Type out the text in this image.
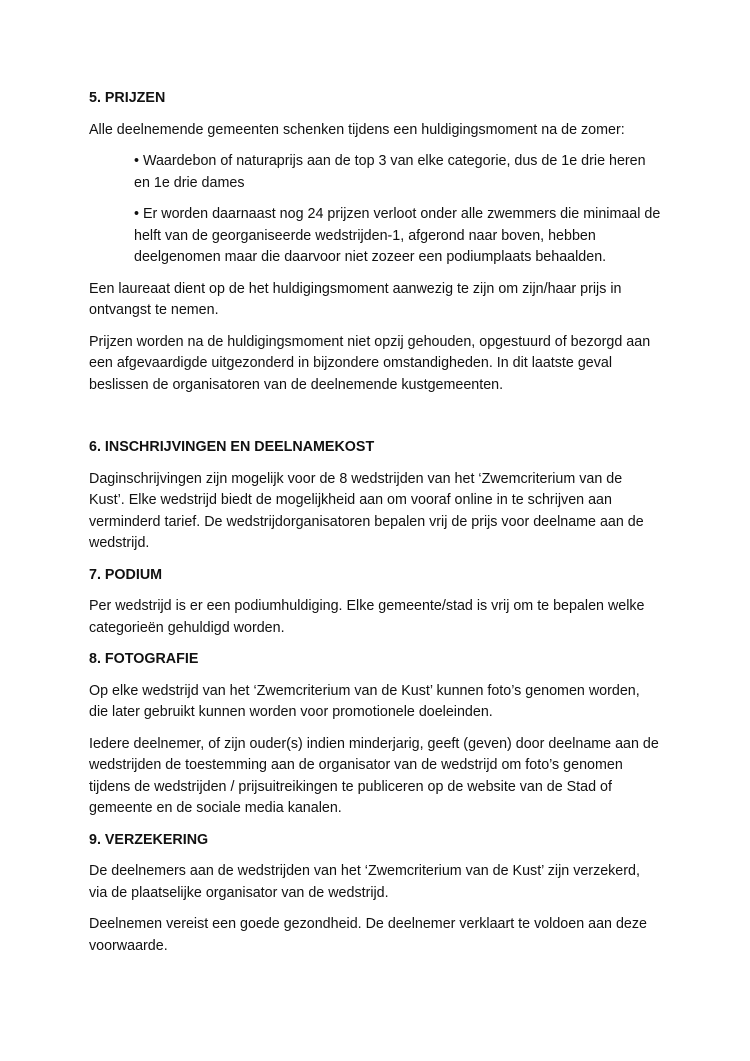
5. PRIJZEN

Alle deelnemende gemeenten schenken tijdens een huldigingsmoment na de zomer:

• Waardebon of naturaprijs aan de top 3 van elke categorie, dus de 1e drie heren en 1e drie dames

• Er worden daarnaast nog 24 prijzen verloot onder alle zwemmers die minimaal de helft van de georganiseerde wedstrijden-1, afgerond naar boven, hebben deelgenomen maar die daarvoor niet zozeer een podiumplaats behaalden.

Een laureaat dient op de het huldigingsmoment aanwezig te zijn om zijn/haar prijs in ontvangst te nemen.

Prijzen worden na de huldigingsmoment niet opzij gehouden, opgestuurd of bezorgd aan een afgevaardigde uitgezonderd in bijzondere omstandigheden. In dit laatste geval beslissen de organisatoren van de deelnemende kustgemeenten.

6. INSCHRIJVINGEN EN DEELNAMEKOST

Daginschrijvingen zijn mogelijk voor de 8 wedstrijden van het ‘Zwemcriterium van de Kust’. Elke wedstrijd biedt de mogelijkheid aan om vooraf online in te schrijven aan verminderd tarief. De wedstrijdorganisatoren bepalen vrij de prijs voor deelname aan de wedstrijd.

7. PODIUM

Per wedstrijd is er een podiumhuldiging. Elke gemeente/stad is vrij om te bepalen welke categorieën gehuldigd worden.

8. FOTOGRAFIE

Op elke wedstrijd van het ‘Zwemcriterium van de Kust’ kunnen foto’s genomen worden, die later gebruikt kunnen worden voor promotionele doeleinden.

Iedere deelnemer, of zijn ouder(s) indien minderjarig, geeft (geven) door deelname aan de wedstrijden de toestemming aan de organisator van de wedstrijd om foto’s genomen tijdens de wedstrijden / prijsuitreikingen te publiceren op de website van de Stad of gemeente en de sociale media kanalen.

9. VERZEKERING

De deelnemers aan de wedstrijden van het ‘Zwemcriterium van de Kust’ zijn verzekerd, via de plaatselijke organisator van de wedstrijd.

Deelnemen vereist een goede gezondheid. De deelnemer verklaart te voldoen aan deze voorwaarde.
